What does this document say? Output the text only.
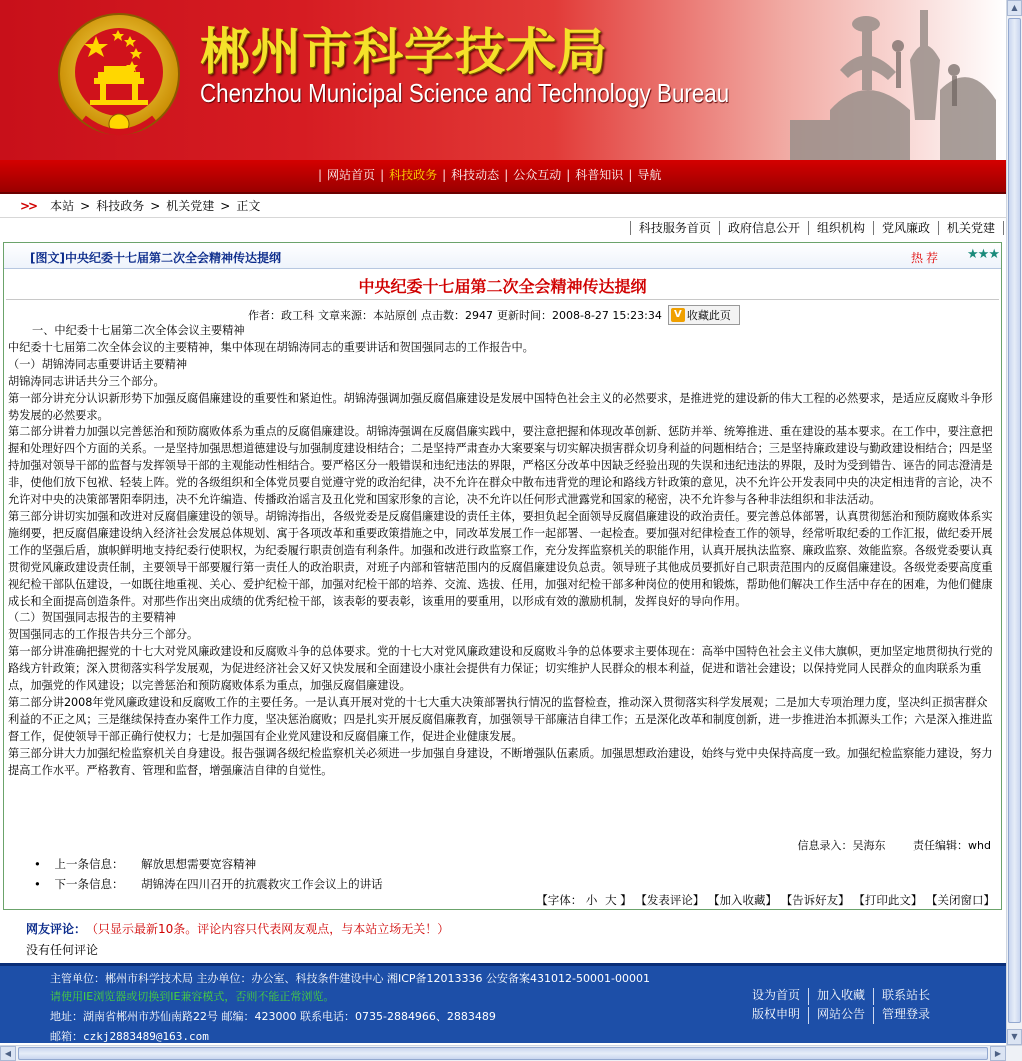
郴州市科学技术局
Chenzhou Municipal Science and Technology Bureau
| 网站首页 | 科技政务 | 科技动态 | 公众互动 | 科普知识 | 导航
>> 本站 > 科技政务 > 机关党建 > 正文
科技服务首页	政府信息公开	组织机构	党风廉政	机关党建
[图文]中央纪委十七届第二次全会精神传达提纲	热荐 ★★★
中央纪委十七届第二次全会精神传达提纲
作者：政工科 文章来源：本站原创 点击数：2947 更新时间：2008-8-27 15:23:34	V 收藏此页

一、中纪委十七届第二次全体会议主要精神

中纪委十七届第二次全体会议的主要精神，集中体现在胡锦涛同志的重要讲话和贺国强同志的工作报告中。

（一）胡锦涛同志重要讲话主要精神

胡锦涛同志讲话共分三个部分。

第一部分讲充分认识新形势下加强反腐倡廉建设的重要性和紧迫性。胡锦涛强调加强反腐倡廉建设是发展中国特色社会主义的必然要求，是推进党的建设新的伟大工程的必然要求，是适应反腐败斗争形势发展的必然要求。

第二部分讲着力加强以完善惩治和预防腐败体系为重点的反腐倡廉建设。胡锦涛强调在反腐倡廉实践中，要注意把握和体现改革创新、惩防并举、统筹推进、重在建设的基本要求。在工作中，要注意把握和处理好四个方面的关系。一是坚持加强思想道德建设与加强制度建设相结合；二是坚持严肃查办大案要案与切实解决损害群众切身利益的问题相结合；三是坚持廉政建设与勤政建设相结合；四是坚持加强对领导干部的监督与发挥领导干部的主观能动性相结合。要严格区分一般错误和违纪违法的界限，严格区分改革中因缺乏经验出现的失误和违纪违法的界限，及时为受到错告、诬告的同志澄清是非，使他们放下包袱、轻装上阵。党的各级组织和全体党员要自觉遵守党的政治纪律，决不允许在群众中散布违背党的理论和路线方针政策的意见，决不允许公开发表同中央的决定相违背的言论，决不允许对中央的决策部署阳奉阴违，决不允许编造、传播政治谣言及丑化党和国家形象的言论，决不允许以任何形式泄露党和国家的秘密，决不允许参与各种非法组织和非法活动。

第三部分讲切实加强和改进对反腐倡廉建设的领导。胡锦涛指出，各级党委是反腐倡廉建设的责任主体，要担负起全面领导反腐倡廉建设的政治责任。要完善总体部署，认真贯彻惩治和预防腐败体系实施纲要，把反腐倡廉建设纳入经济社会发展总体规划、寓于各项改革和重要政策措施之中，同改革发展工作一起部署、一起检查。要加强对纪律检查工作的领导，经常听取纪委的工作汇报，做纪委开展工作的坚强后盾，旗帜鲜明地支持纪委行使职权，为纪委履行职责创造有利条件。加强和改进行政监察工作，充分发挥监察机关的职能作用，认真开展执法监察、廉政监察、效能监察。各级党委要认真贯彻党风廉政建设责任制，主要领导干部要履行第一责任人的政治职责，对班子内部和管辖范围内的反腐倡廉建设负总责。领导班子其他成员要抓好自己职责范围内的反腐倡廉建设。各级党委要高度重视纪检干部队伍建设，一如既往地重视、关心、爱护纪检干部，加强对纪检干部的培养、交流、选拔、任用，加强对纪检干部多种岗位的使用和锻炼，帮助他们解决工作生活中存在的困难，为他们健康成长和全面提高创造条件。对那些作出突出成绩的优秀纪检干部，该表彰的要表彰，该重用的要重用，以形成有效的激励机制，发挥良好的导向作用。

（二）贺国强同志报告的主要精神

贺国强同志的工作报告共分三个部分。

第一部分讲准确把握党的十七大对党风廉政建设和反腐败斗争的总体要求。党的十七大对党风廉政建设和反腐败斗争的总体要求主要体现在：高举中国特色社会主义伟大旗帜，更加坚定地贯彻执行党的路线方针政策；深入贯彻落实科学发展观，为促进经济社会又好又快发展和全面建设小康社会提供有力保证；切实维护人民群众的根本利益，促进和谐社会建设；以保持党同人民群众的血肉联系为重点，加强党的作风建设；以完善惩治和预防腐败体系为重点，加强反腐倡廉建设。

第二部分讲2008年党风廉政建设和反腐败工作的主要任务。一是认真开展对党的十七大重大决策部署执行情况的监督检查，推动深入贯彻落实科学发展观；二是加大专项治理力度，坚决纠正损害群众利益的不正之风；三是继续保持查办案件工作力度，坚决惩治腐败；四是扎实开展反腐倡廉教育，加强领导干部廉洁自律工作；五是深化改革和制度创新，进一步推进治本抓源头工作；六是深入推进监督工作，促使领导干部正确行使权力；七是加强国有企业党风建设和反腐倡廉工作，促进企业健康发展。

第三部分讲大力加强纪检监察机关自身建设。报告强调各级纪检监察机关必须进一步加强自身建设，不断增强队伍素质。加强思想政治建设，始终与党中央保持高度一致。加强纪检监察能力建设，努力提高工作水平。严格教育、管理和监督，增强廉洁自律的自觉性。

信息录入：吴海东	责任编辑：whd
• 上一条信息： 解放思想需要宽容精神
• 下一条信息： 胡锦涛在四川召开的抗震救灾工作会议上的讲话
【字体： 小 大 】 【发表评论】 【加入收藏】 【告诉好友】 【打印此文】 【关闭窗口】
网友评论： （只显示最新10条。评论内容只代表网友观点，与本站立场无关！）
没有任何评论
主管单位：郴州市科学技术局 主办单位：办公室、科技条件建设中心 湘ICP备12013336 公安备案431012-50001-00001
请使用IE浏览器或切换到IE兼容模式，否则不能正常浏览。
地址：湖南省郴州市苏仙南路22号 邮编：423000 联系电话：0735-2884966、2883489
邮箱：czkj2883489@163.com
设为首页	加入收藏	联系站长
版权申明	网站公告	管理登录
▲
▼
◀	▶
